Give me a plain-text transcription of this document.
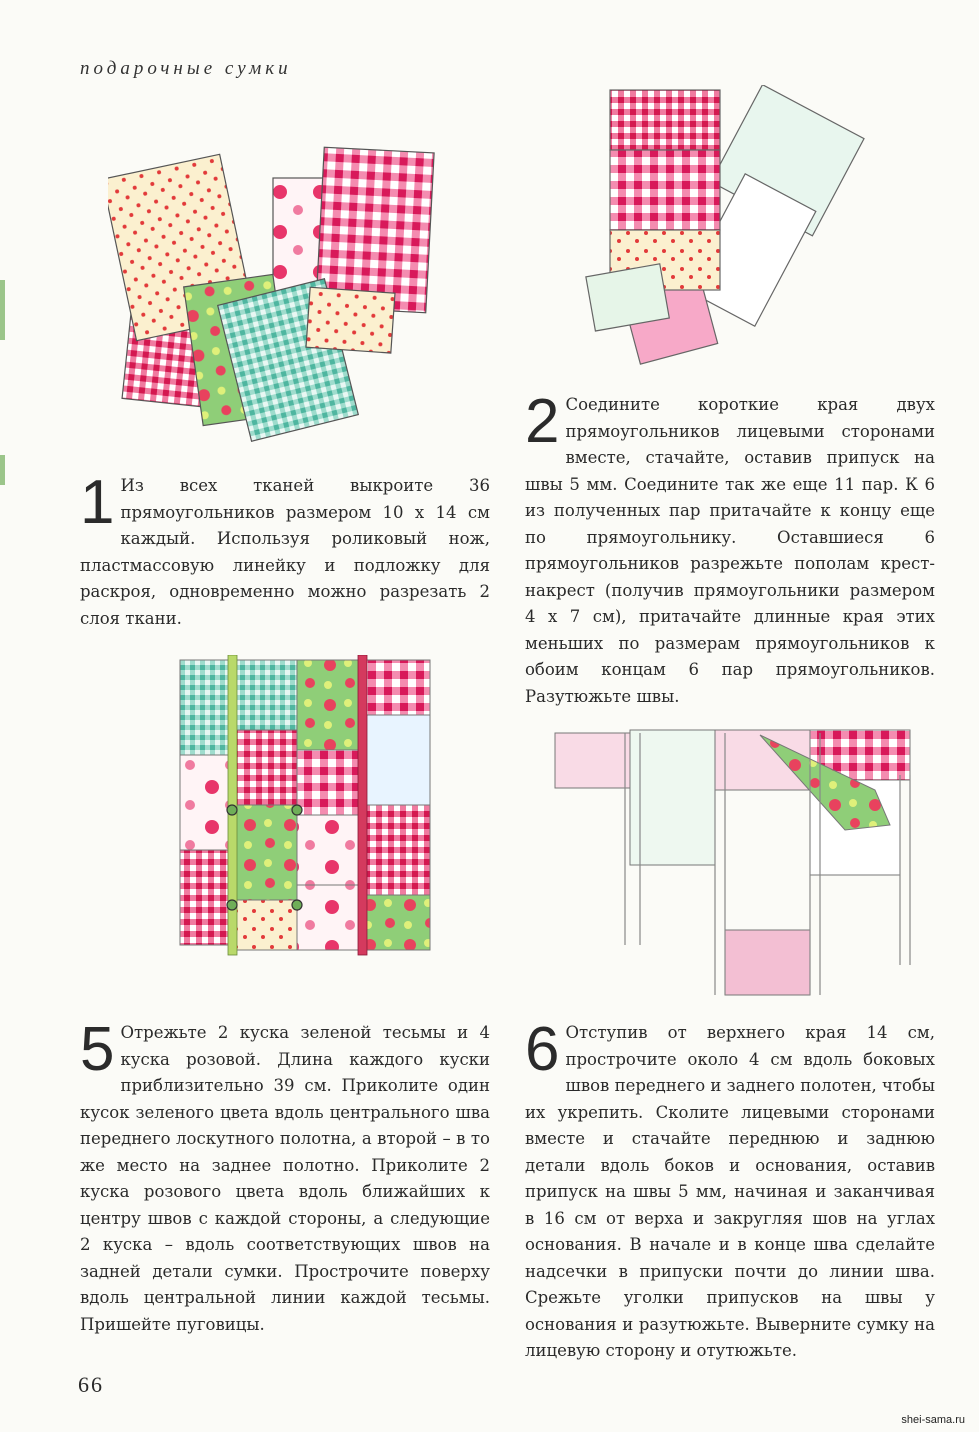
подарочные сумки
1 Из всех тканей выкроите 36 прямоугольников размером 10 х 14 см каждый. Используя роликовый нож, пластмассовую линейку и подложку для раскроя, одновременно можно разрезать 2 слоя ткани.
2 Соедините короткие края двух прямоугольников лицевыми сторонами вместе, стачайте, оставив припуск на швы 5 мм. Соедините так же еще 11 пар. К 6 из полученных пар притачайте к концу еще по прямоугольнику. Оставшиеся 6 прямоугольников разрежьте пополам крест-накрест (получив прямоугольники размером 4 х 7 см), притачайте длинные края этих меньших по размерам прямоугольников к обоим концам 6 пар прямоугольников. Разутюжьте швы.
5 Отрежьте 2 куска зеленой тесьмы и 4 куска розовой. Длина каждого куски приблизительно 39 см. Приколите один кусок зеленого цвета вдоль центрального шва переднего лоскутного полотна, а второй – в то же место на заднее полотно. Приколите 2 куска розового цвета вдоль ближайших к центру швов с каждой стороны, а следующие 2 куска – вдоль соответствующих швов на задней детали сумки. Прострочите поверху вдоль центральной линии каждой тесьмы. Пришейте пуговицы.
6 Отступив от верхнего края 14 см, прострочите около 4 см вдоль боковых швов переднего и заднего полотен, чтобы их укрепить. Сколите лицевыми сторонами вместе и стачайте переднюю и заднюю детали вдоль боков и основания, оставив припуск на швы 5 мм, начиная и заканчивая в 16 см от верха и закругляя шов на углах основания. В начале и в конце шва сделайте надсечки в припуски почти до линии шва. Срежьте уголки припусков на швы у основания и разутюжьте. Выверните сумку на лицевую сторону и отутюжьте.
66
shei-sama.ru
